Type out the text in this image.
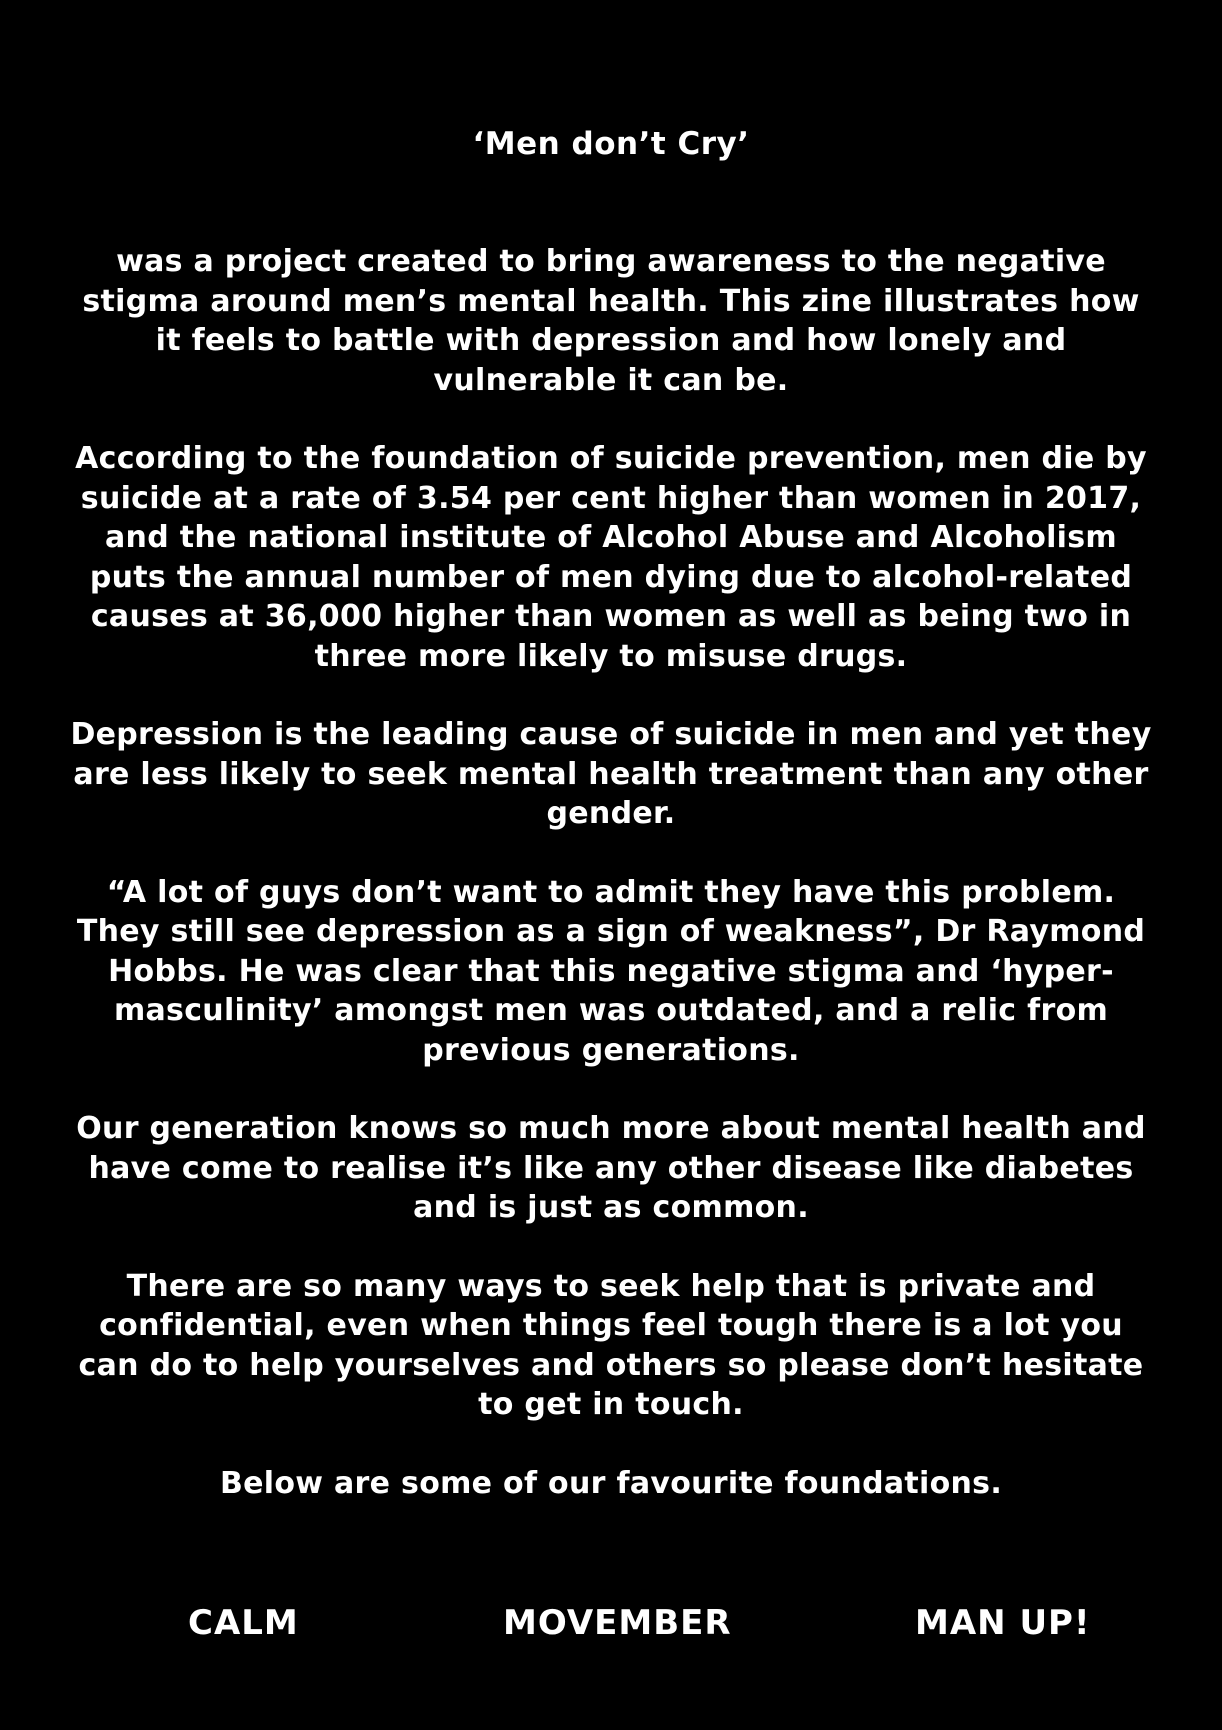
‘Men don’t Cry’

was a project created to bring awareness to the negative stigma around men’s mental health. This zine illustrates how it feels to battle with depression and how lonely and vulnerable it can be.

According to the foundation of suicide prevention, men die by suicide at a rate of 3.54 per cent higher than women in 2017, and the national institute of Alcohol Abuse and Alcoholism puts the annual number of men dying due to alcohol-related causes at 36,000 higher than women as well as being two in three more likely to misuse drugs.

Depression is the leading cause of suicide in men and yet they are less likely to seek mental health treatment than any other gender.

“A lot of guys don’t want to admit they have this problem. They still see depression as a sign of weakness”, Dr Raymond Hobbs. He was clear that this negative stigma and ‘hyper-masculinity’ amongst men was outdated, and a relic from previous generations.

Our generation knows so much more about mental health and have come to realise it’s like any other disease like diabetes and is just as common.

There are so many ways to seek help that is private and confidential, even when things feel tough there is a lot you can do to help yourselves and others so please don’t hesitate to get in touch.

Below are some of our favourite foundations.

CALM	MOVEMBER	MAN UP!
